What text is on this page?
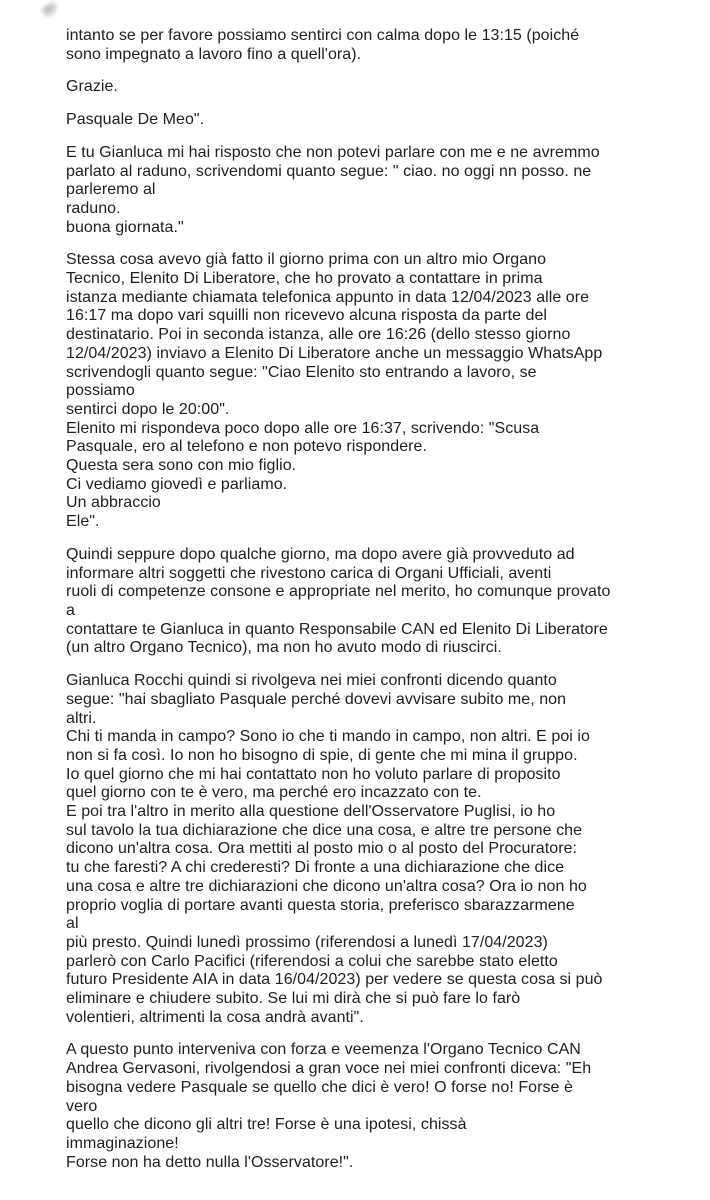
intanto se per favore possiamo sentirci con calma dopo le 13:15 (poiché
sono impegnato a lavoro fino a quell'ora).
Grazie.
Pasquale De Meo".
E tu Gianluca mi hai risposto che non potevi parlare con me e ne avremmo
parlato al raduno, scrivendomi quanto segue: " ciao. no oggi nn posso. ne
parleremo al
raduno.
buona giornata."
Stessa cosa avevo già fatto il giorno prima con un altro mio Organo
Tecnico, Elenito Di Liberatore, che ho provato a contattare in prima
istanza mediante chiamata telefonica appunto in data 12/04/2023 alle ore
16:17 ma dopo vari squilli non ricevevo alcuna risposta da parte del
destinatario. Poi in seconda istanza, alle ore 16:26 (dello stesso giorno
12/04/2023) inviavo a Elenito Di Liberatore anche un messaggio WhatsApp
scrivendogli quanto segue: "Ciao Elenito sto entrando a lavoro, se
possiamo
sentirci dopo le 20:00".
Elenito mi rispondeva poco dopo alle ore 16:37, scrivendo: "Scusa
Pasquale, ero al telefono e non potevo rispondere.
Questa sera sono con mio figlio.
Ci vediamo giovedì e parliamo.
Un abbraccio
Ele".
Quindi seppure dopo qualche giorno, ma dopo avere già provveduto ad
informare altri soggetti che rivestono carica di Organi Ufficiali, aventi
ruoli di competenze consone e appropriate nel merito, ho comunque provato
a
contattare te Gianluca in quanto Responsabile CAN ed Elenito Di Liberatore
(un altro Organo Tecnico), ma non ho avuto modo di riuscirci.
Gianluca Rocchi quindi si rivolgeva nei miei confronti dicendo quanto
segue: "hai sbagliato Pasquale perché dovevi avvisare subito me, non
altri.
Chi ti manda in campo? Sono io che ti mando in campo, non altri. E poi io
non si fa così. Io non ho bisogno di spie, di gente che mi mina il gruppo.
Io quel giorno che mi hai contattato non ho voluto parlare di proposito
quel giorno con te è vero, ma perché ero incazzato con te.
E poi tra l'altro in merito alla questione dell'Osservatore Puglisi, io ho
sul tavolo la tua dichiarazione che dice una cosa, e altre tre persone che
dicono un'altra cosa. Ora mettiti al posto mio o al posto del Procuratore:
tu che faresti? A chi crederesti? Di fronte a una dichiarazione che dice
una cosa e altre tre dichiarazioni che dicono un'altra cosa? Ora io non ho
proprio voglia di portare avanti questa storia, preferisco sbarazzarmene
al
più presto. Quindi lunedì prossimo (riferendosi a lunedì 17/04/2023)
parlerò con Carlo Pacifici (riferendosi a colui che sarebbe stato eletto
futuro Presidente AIA in data 16/04/2023) per vedere se questa cosa si può
eliminare e chiudere subito. Se lui mi dirà che si può fare lo farò
volentieri, altrimenti la cosa andrà avanti".
A questo punto interveniva con forza e veemenza l'Organo Tecnico CAN
Andrea Gervasoni, rivolgendosi a gran voce nei miei confronti diceva: "Eh
bisogna vedere Pasquale se quello che dici è vero! O forse no! Forse è
vero
quello che dicono gli altri tre! Forse è una ipotesi, chissà
immaginazione!
Forse non ha detto nulla l'Osservatore!".
